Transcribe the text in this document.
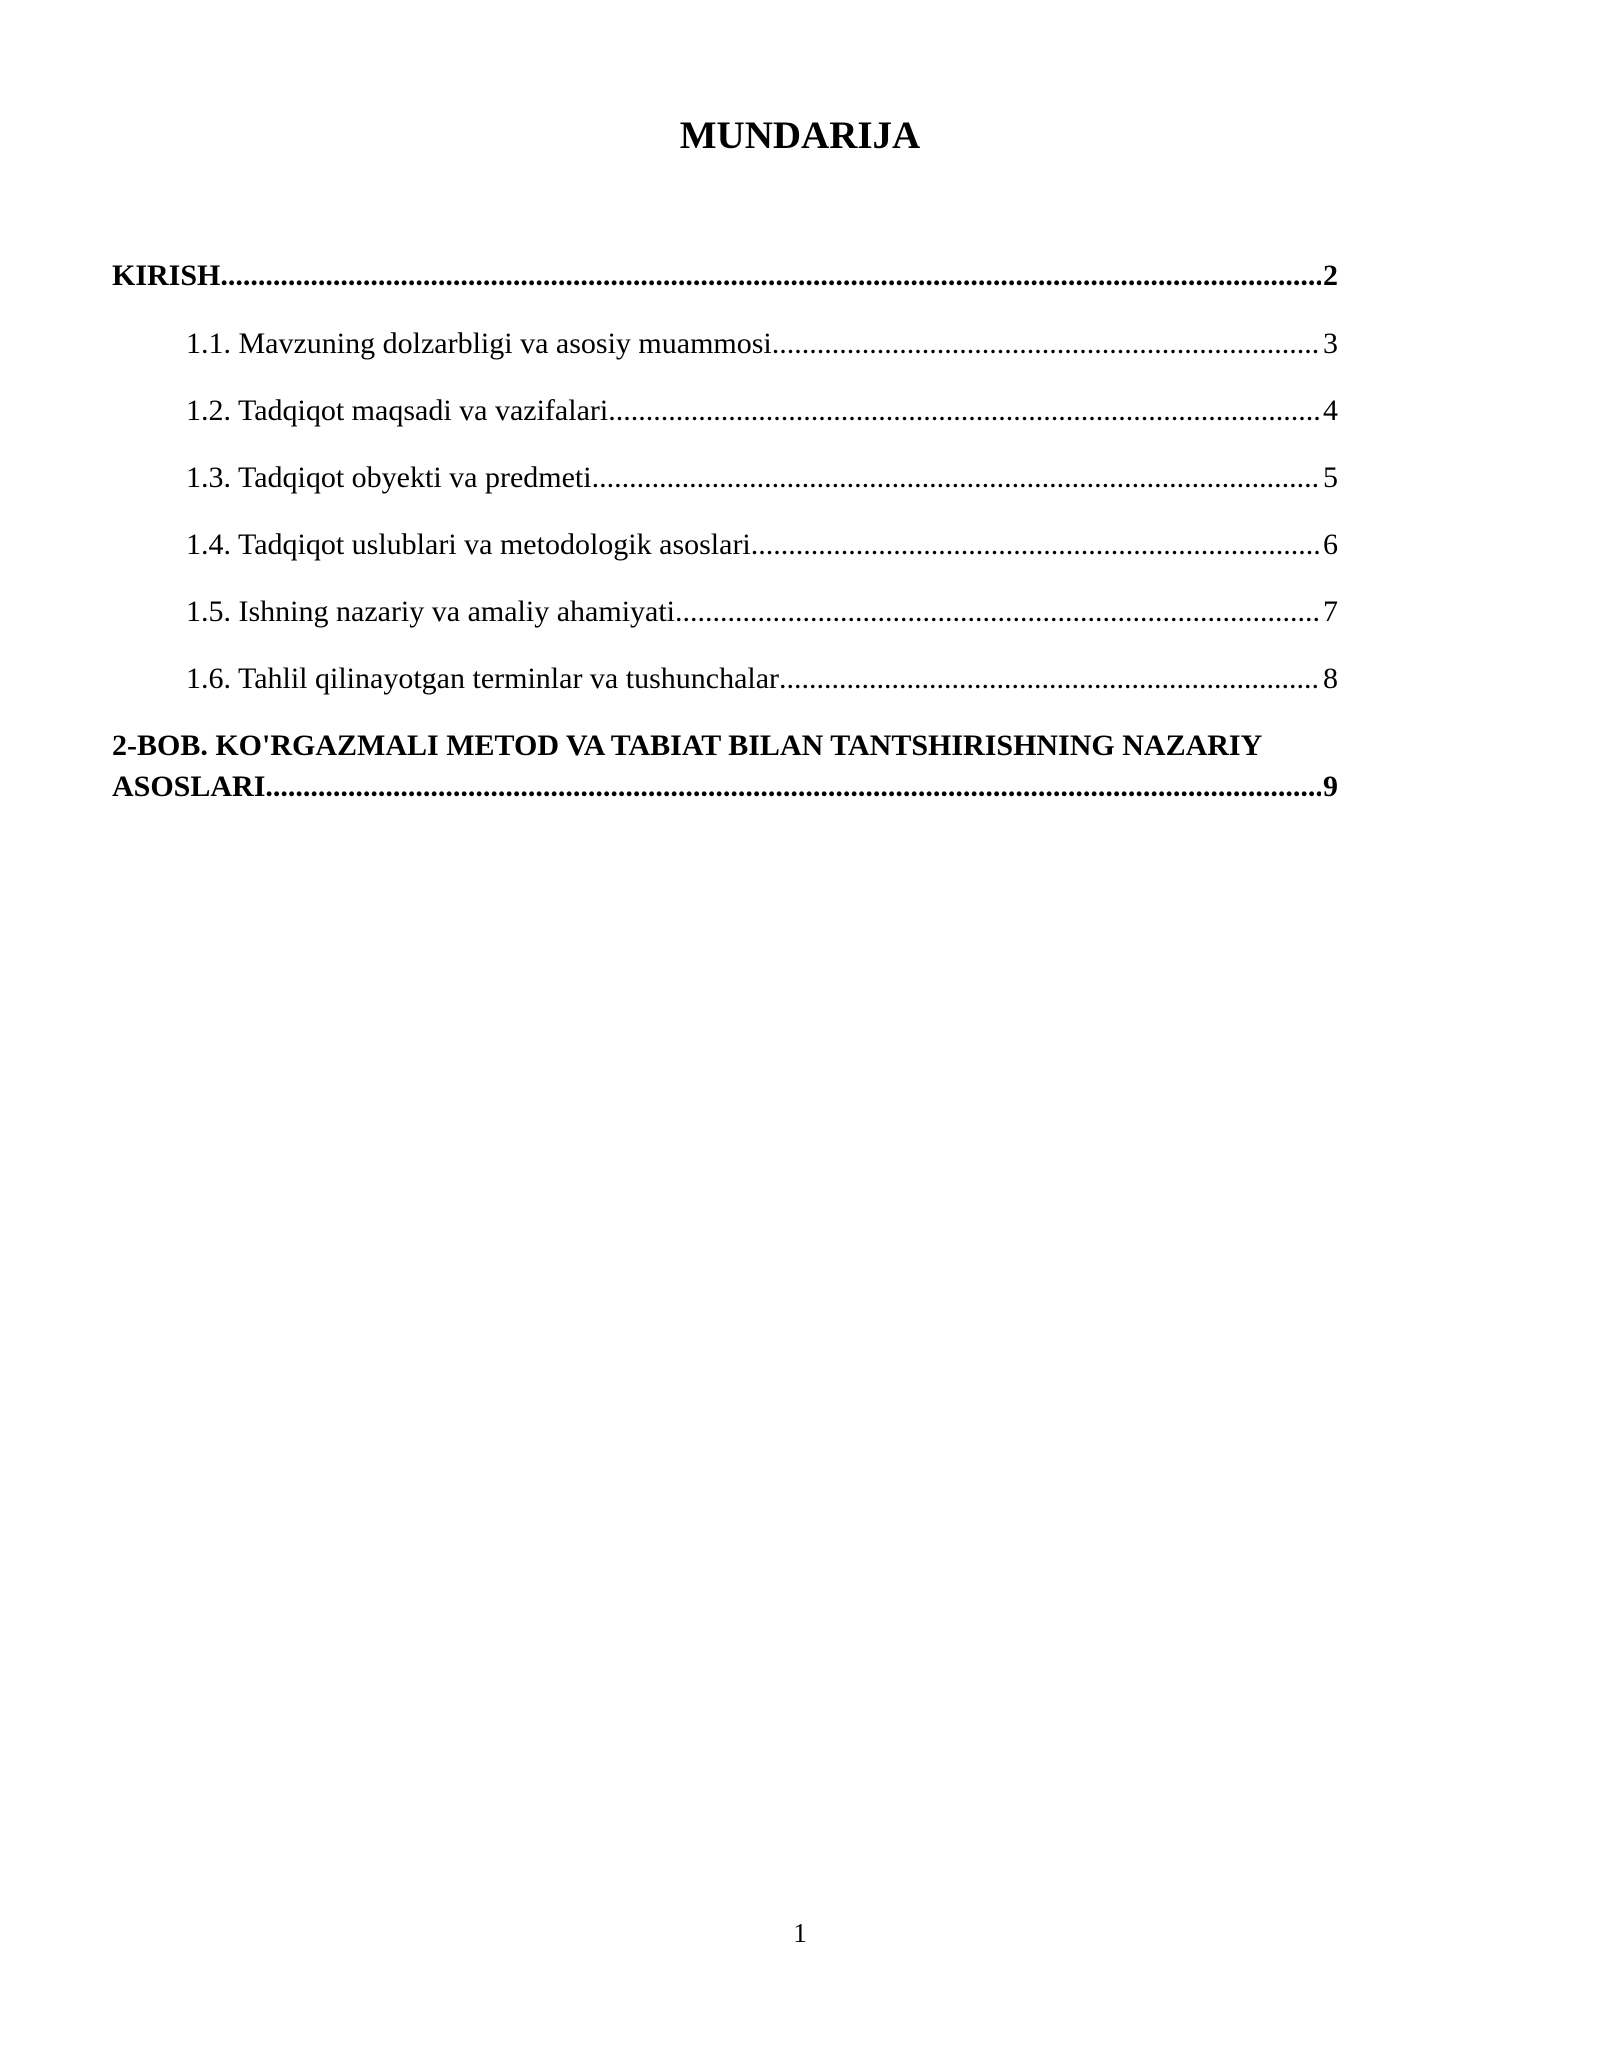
MUNDARIJA
KIRISH .....	2
1.1. Mavzuning dolzarbligi va asosiy muammosi .....	3
1.2. Tadqiqot maqsadi va vazifalari .....	4
1.3. Tadqiqot obyekti va predmeti .....	5
1.4. Tadqiqot uslublari va metodologik asoslari .....	6
1.5. Ishning nazariy va amaliy ahamiyati .....	7
1.6. Tahlil qilinayotgan terminlar va tushunchalar .....	8
2-BOB. KO'RGAZMALI METOD VA TABIAT BILAN TANTSHIRISHNING NAZARIY
ASOSLARI .....	9
1
